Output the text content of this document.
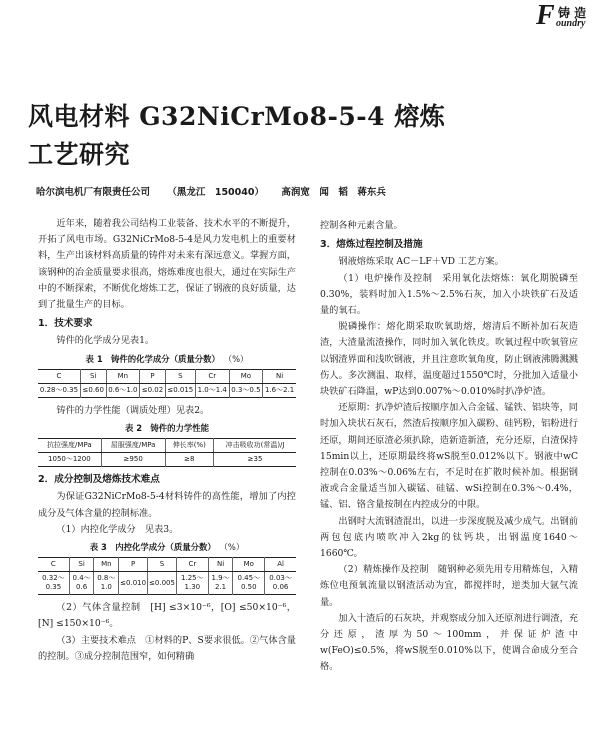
F 铸 造
oundry
风电材料 G32NiCrMo8-5-4 熔炼
工艺研究
哈尔滨电机厂有限责任公司 （黑龙江　150040） 高润宽　闻　韬　蒋东兵

近年来，随着我公司结构工业装备、技术水平的不断提升，开拓了风电市场。G32NiCrMo8-5-4是风力发电机上的重要材料，生产出该材料高质量的铸件对未来有深远意义。掌握方面，该钢种的冶金质量要求很高，熔炼难度也很大，通过在实际生产中的不断探索，不断优化熔炼工艺，保证了钢液的良好质量，达到了批量生产的目标。

1．技术要求

铸件的化学成分见表1。

表 1　铸件的化学成分（质量分数） （%）
C	Si	Mn	P	S	Cr	Mo	Ni
0.28～0.35	≤0.60	0.6～1.0	≤0.02	≤0.015	1.0～1.4	0.3～0.5	1.6～2.1

铸件的力学性能（调质处理）见表2。

表 2　铸件的力学性能
抗拉强度/MPa	屈服强度/MPa	伸长率(%)	冲击吸收功(常温)/J
1050～1200	≥950	≥8	≥35
2．成分控制及熔炼技术难点

为保证G32NiCrMo8-5-4材料铸件的高性能，增加了内控成分及气体含量的控制标准。

（1）内控化学成分　见表3。

表 3　内控化学成分（质量分数） （%）
C	Si	Mn	P	S	Cr	Ni	Mo	Al
0.32～0.35	0.4～0.6	0.8～1.0	≤0.010	≤0.005	1.25～1.30	1.9～2.1	0.45～0.50	0.03～0.06

（2）气体含量控制　[H] ≤3×10⁻⁶，[O] ≤50×10⁻⁶，[N] ≤150×10⁻⁶。

（3）主要技术难点　①材料的P、S要求很低。②气体含量的控制。③成分控制范围窄，如何精确

控制各种元素含量。

3．熔炼过程控制及措施

钢液熔炼采取 AC－LF＋VD 工艺方案。

（1）电炉操作及控制　采用氧化法熔炼：氧化期脱磷至0.30%，装料时加入1.5%～2.5%石灰，加入小块铁矿石及适量的氧石。

脱磷操作：熔化期采取吹氧助熔，熔清后不断补加石灰造渣，大渣量流渣操作，同时加入氧化铁皮。吹氧过程中吹氧管应以钢渣界面和浅吹钢液，并且注意吹氧角度，防止钢液沸腾溅溅伤人。多次测温、取样，温度超过1550℃时，分批加入适量小块铁矿石降温，wP达到0.007%～0.010%时扒净炉渣。

还原期：扒净炉渣后按顺序加入合金锰、锰铁、铝块等，同时加入块状石灰石，然渣后按顺序加入碳粉、硅钙粉，铝粉进行还原，期间还原渣必须扒除，造新造新渣，充分还原，白渣保持15min以上，还原期最终将wS脱至0.012%以下。钢液中wC控制在0.03%～0.06%左右，不足时在扩散时候补加。根据钢液或合金量适当加入碳锰、硅锰、wSi控制在0.3%～0.4%，锰、铝、铬含量按制在内控成分的中限。

出钢时大流钢渣混出，以进一步深度脱及减少成气。出钢前两包包底内喷吹冲入2kg的钛钙块，出钢温度1640～1660℃。

（2）精炼操作及控制　随钢种必须先用专用精炼包，入精炼位电预氧流量以钢渣活动为宜，都搅拌时，逆类加大氩气流量。

加入十渣后的石灰块，并观察成分加入还原剂进行调渣，充分还原，渣厚为50～100mm，并保证炉渣中w(FeO)≤0.5%，将wS脱至0.010%以下，使调合命成分至合格。
